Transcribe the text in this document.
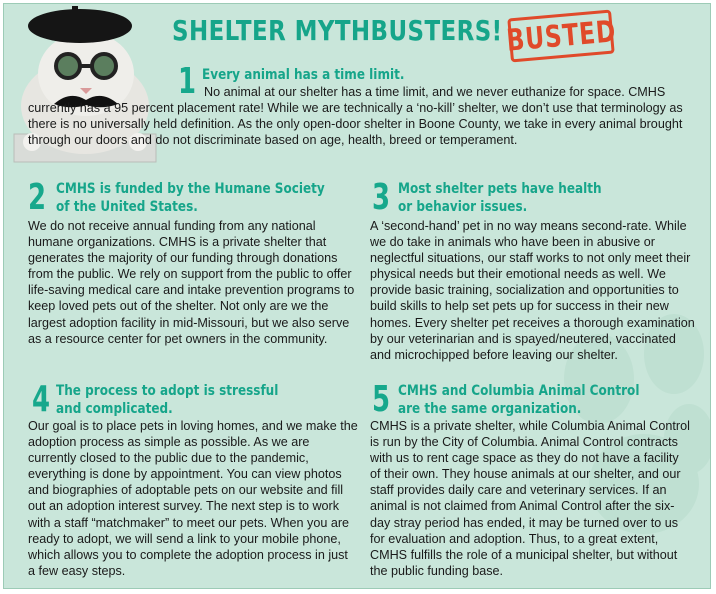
SHELTER MYTHBUSTERS! BUSTED
1 Every animal has a time limit.

No animal at our shelter has a time limit, and we never euthanize for space. CMHS currently has a 95 percent placement rate! While we are technically a ‘no-kill’ shelter, we don’t use that terminology as there is no universally held definition. As the only open-door shelter in Boone County, we take in every animal brought through our doors and do not discriminate based on age, health, breed or temperament.

2 CMHS is funded by the Humane Society
of the United States.

We do not receive annual funding from any national humane organizations. CMHS is a private shelter that generates the majority of our funding through donations from the public. We rely on support from the public to offer life-saving medical care and intake prevention programs to keep loved pets out of the shelter. Not only are we the largest adoption facility in mid-Missouri, but we also serve as a resource center for pet owners in the community.

3 Most shelter pets have health
or behavior issues.

A ‘second-hand’ pet in no way means second-rate. While we do take in animals who have been in abusive or neglectful situations, our staff works to not only meet their physical needs but their emotional needs as well. We provide basic training, socialization and opportunities to build skills to help set pets up for success in their new homes. Every shelter pet receives a thorough examination by our veterinarian and is spayed/neutered, vaccinated and microchipped before leaving our shelter.

4 The process to adopt is stressful
and complicated.

Our goal is to place pets in loving homes, and we make the adoption process as simple as possible. As we are currently closed to the public due to the pandemic, everything is done by appointment. You can view photos and biographies of adoptable pets on our website and fill out an adoption interest survey. The next step is to work with a staff “matchmaker” to meet our pets. When you are ready to adopt, we will send a link to your mobile phone, which allows you to complete the adoption process in just a few easy steps.

5 CMHS and Columbia Animal Control
are the same organization.

CMHS is a private shelter, while Columbia Animal Control is run by the City of Columbia. Animal Control contracts with us to rent cage space as they do not have a facility of their own. They house animals at our shelter, and our staff provides daily care and veterinary services. If an animal is not claimed from Animal Control after the six-day stray period has ended, it may be turned over to us for evaluation and adoption. Thus, to a great extent, CMHS fulfills the role of a municipal shelter, but without the public funding base.
